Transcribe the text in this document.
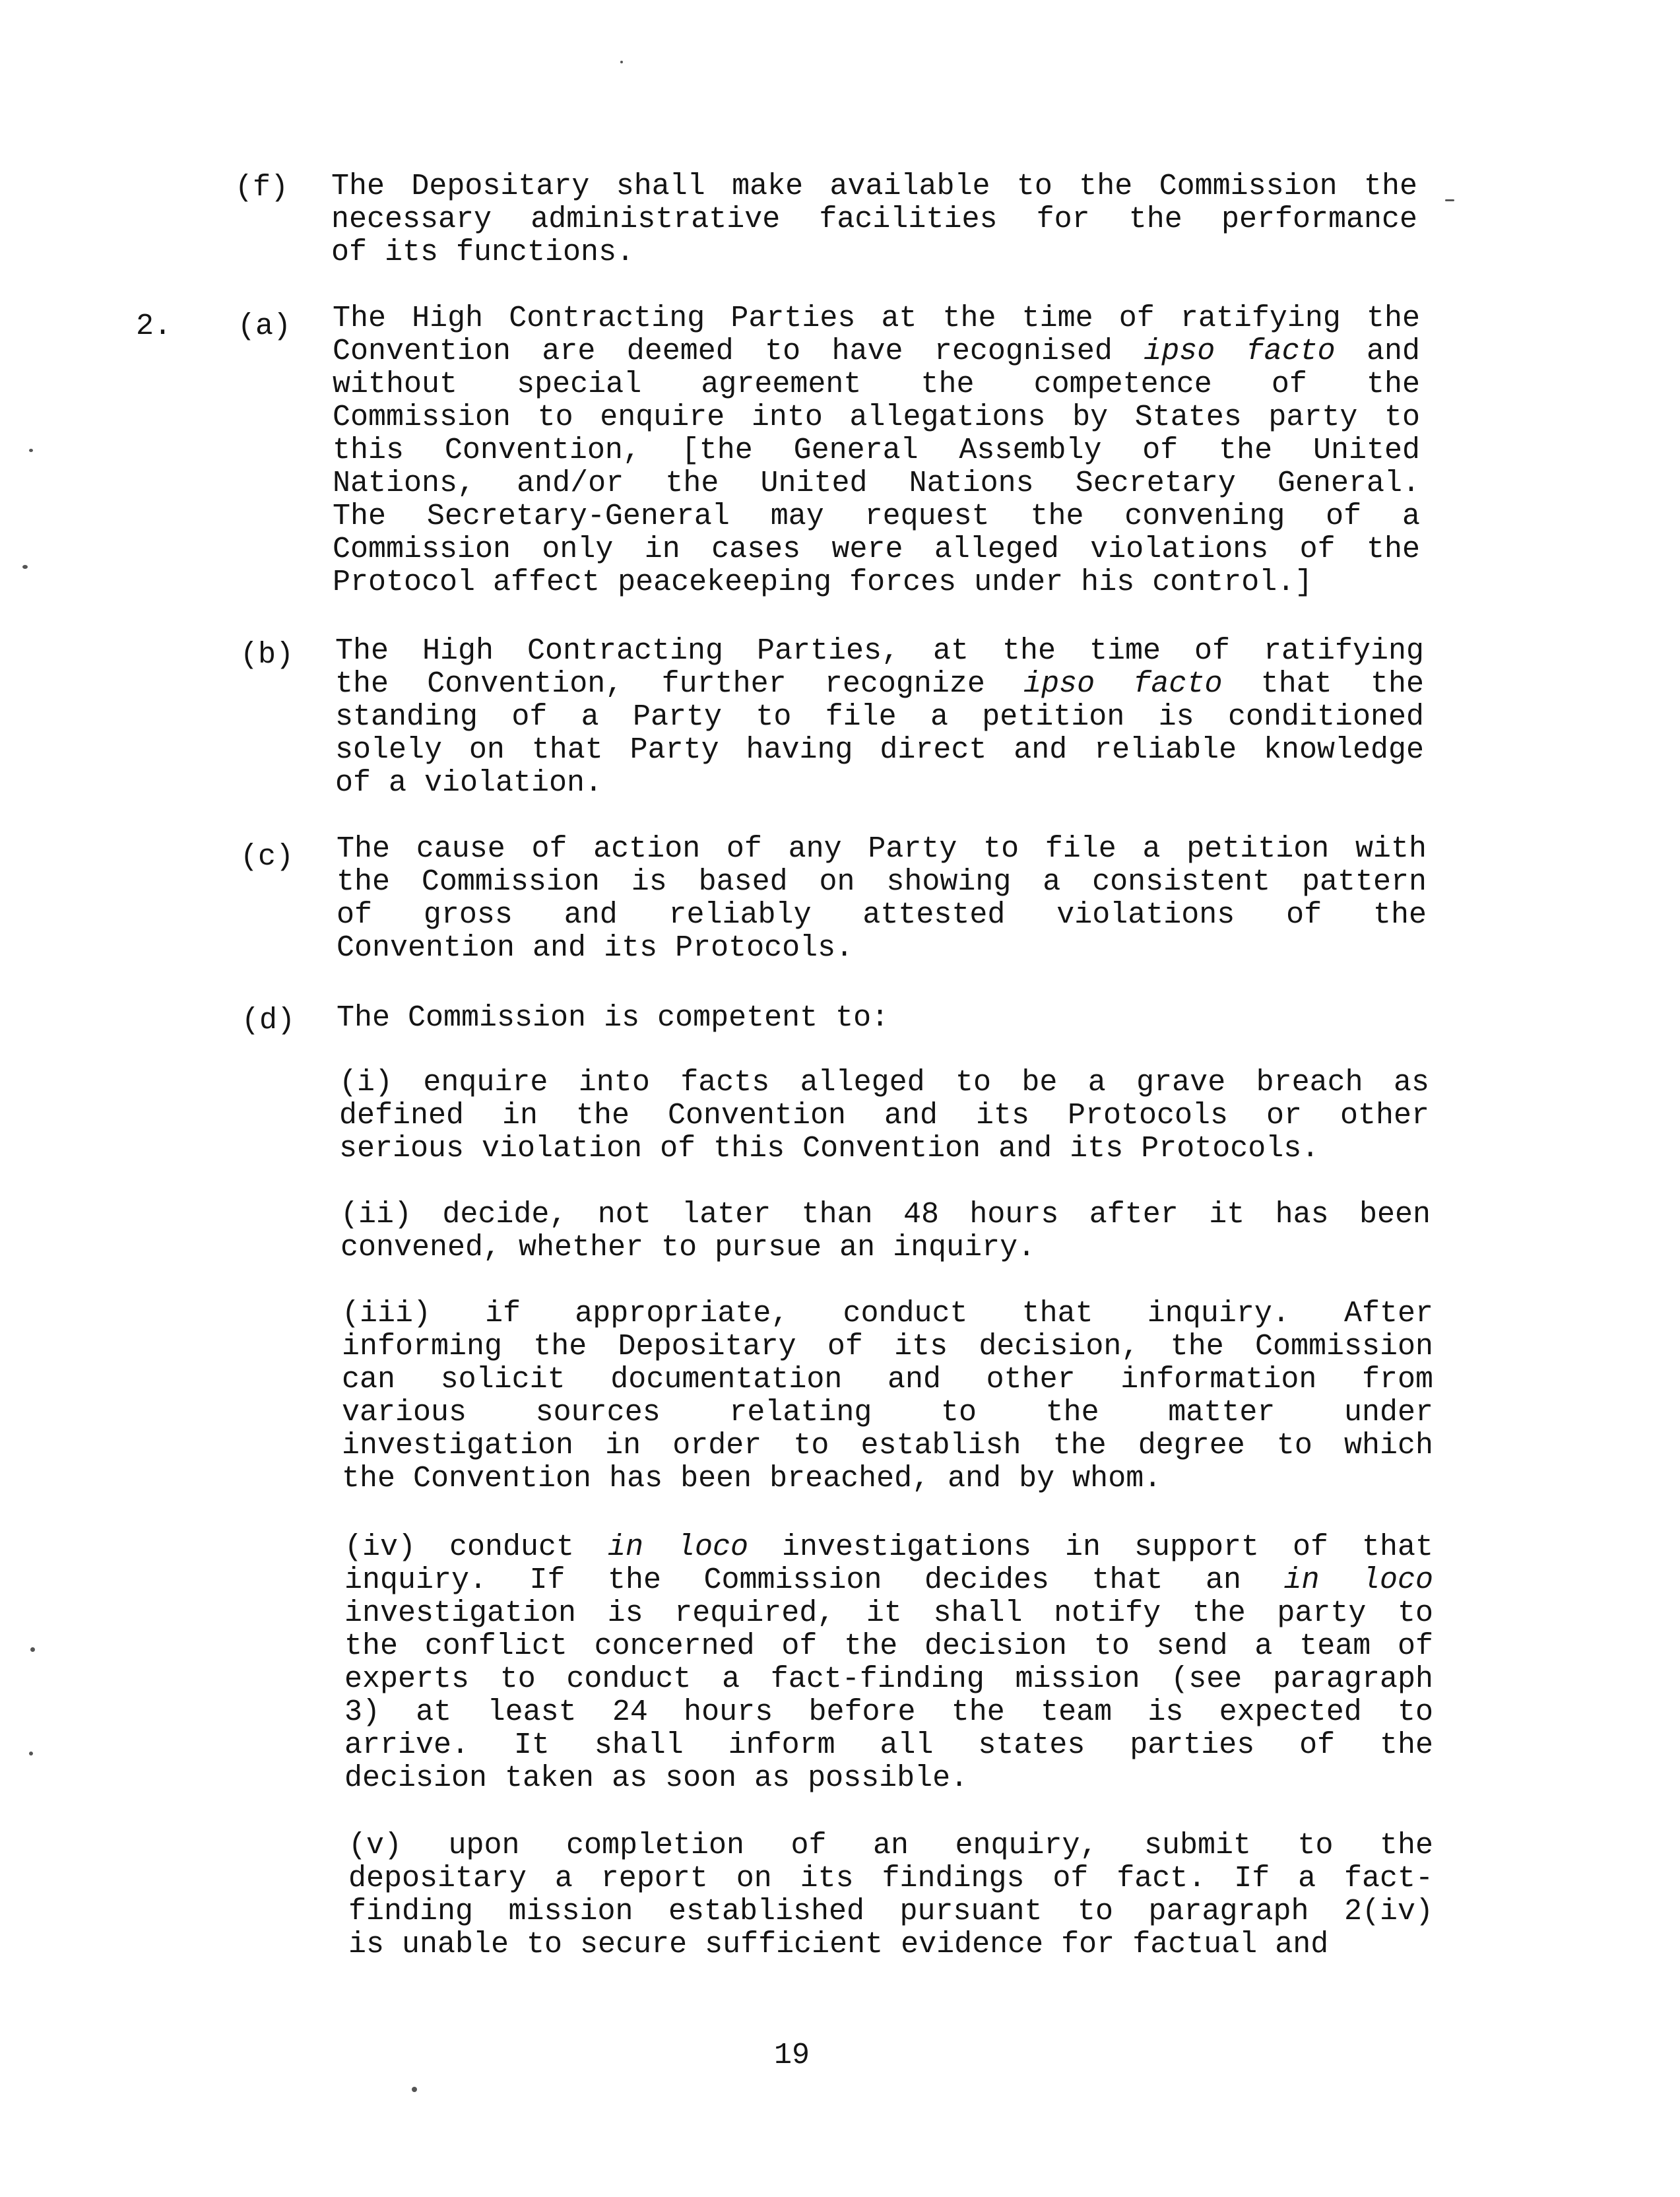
(f) The Depositary shall make available to the Commission the
necessary administrative facilities for the performance
of its functions.
2. (a) The High Contracting Parties at the time of ratifying the
Convention are deemed to have recognised ipso facto and
without special agreement the competence of the
Commission to enquire into allegations by States party to
this Convention, [the General Assembly of the United
Nations, and/or the United Nations Secretary General.
The Secretary-General may request the convening of a
Commission only in cases were alleged violations of the
Protocol affect peacekeeping forces under his control.]
(b) The High Contracting Parties, at the time of ratifying
the Convention, further recognize ipso facto that the
standing of a Party to file a petition is conditioned
solely on that Party having direct and reliable knowledge
of a violation.
(c) The cause of action of any Party to file a petition with
the Commission is based on showing a consistent pattern
of gross and reliably attested violations of the
Convention and its Protocols.
(d) The Commission is competent to:
(i) enquire into facts alleged to be a grave breach as
defined in the Convention and its Protocols or other
serious violation of this Convention and its Protocols.
(ii) decide, not later than 48 hours after it has been
convened, whether to pursue an inquiry.
(iii) if appropriate, conduct that inquiry. After
informing the Depositary of its decision, the Commission
can solicit documentation and other information from
various sources relating to the matter under
investigation in order to establish the degree to which
the Convention has been breached, and by whom.
(iv) conduct in loco investigations in support of that
inquiry. If the Commission decides that an in loco
investigation is required, it shall notify the party to
the conflict concerned of the decision to send a team of
experts to conduct a fact-finding mission (see paragraph
3) at least 24 hours before the team is expected to
arrive. It shall inform all states parties of the
decision taken as soon as possible.
(v) upon completion of an enquiry, submit to the
depositary a report on its findings of fact. If a fact-
finding mission established pursuant to paragraph 2(iv)
is unable to secure sufficient evidence for factual and
19
